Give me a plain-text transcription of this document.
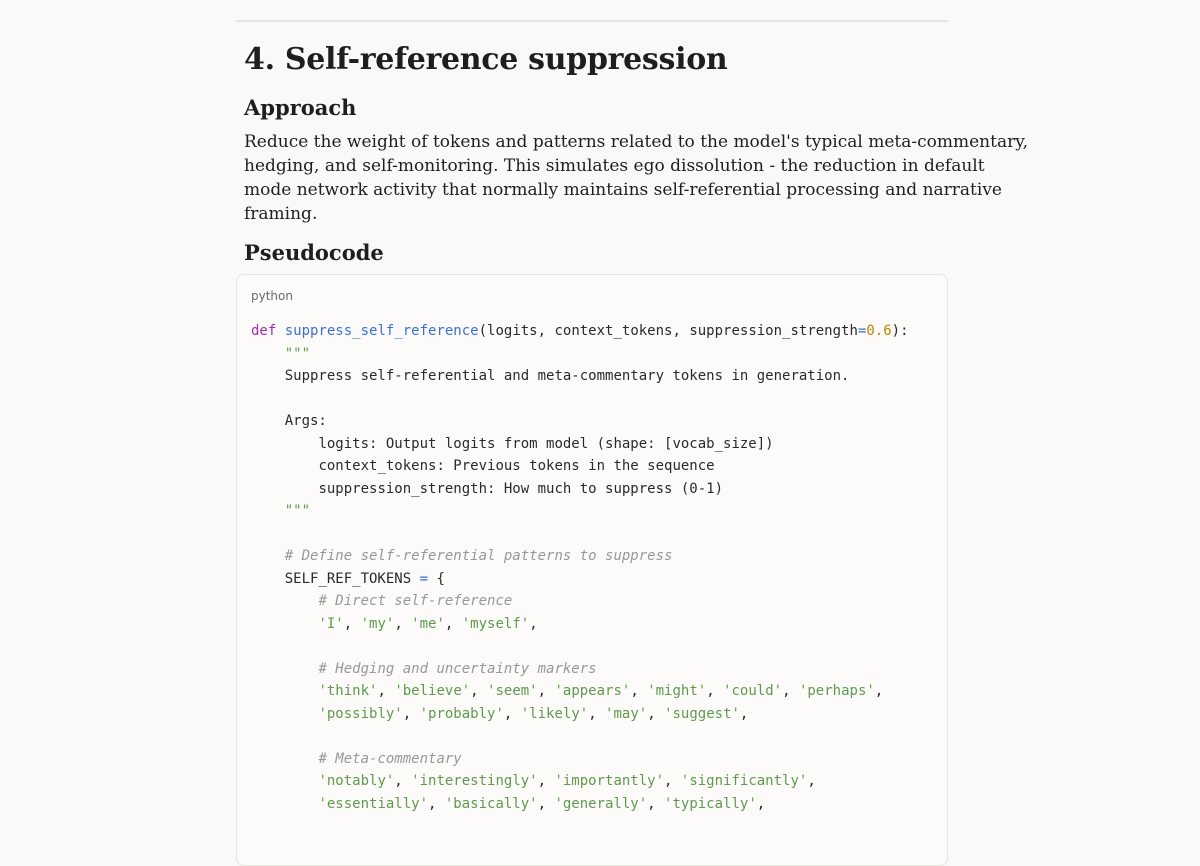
4. Self-reference suppression
Approach
Reduce the weight of tokens and patterns related to the model's typical meta-commentary,
hedging, and self-monitoring. This simulates ego dissolution - the reduction in default
mode network activity that normally maintains self-referential processing and narrative
framing.
Pseudocode
python
def suppress_self_reference(logits, context_tokens, suppression_strength=0.6):
"""
Suppress self-referential and meta-commentary tokens in generation.

Args:
logits: Output logits from model (shape: [vocab_size])
context_tokens: Previous tokens in the sequence
suppression_strength: How much to suppress (0-1)
"""

# Define self-referential patterns to suppress
SELF_REF_TOKENS = {
# Direct self-reference
'I', 'my', 'me', 'myself',

# Hedging and uncertainty markers
'think', 'believe', 'seem', 'appears', 'might', 'could', 'perhaps',
'possibly', 'probably', 'likely', 'may', 'suggest',

# Meta-commentary
'notably', 'interestingly', 'importantly', 'significantly',
'essentially', 'basically', 'generally', 'typically',
